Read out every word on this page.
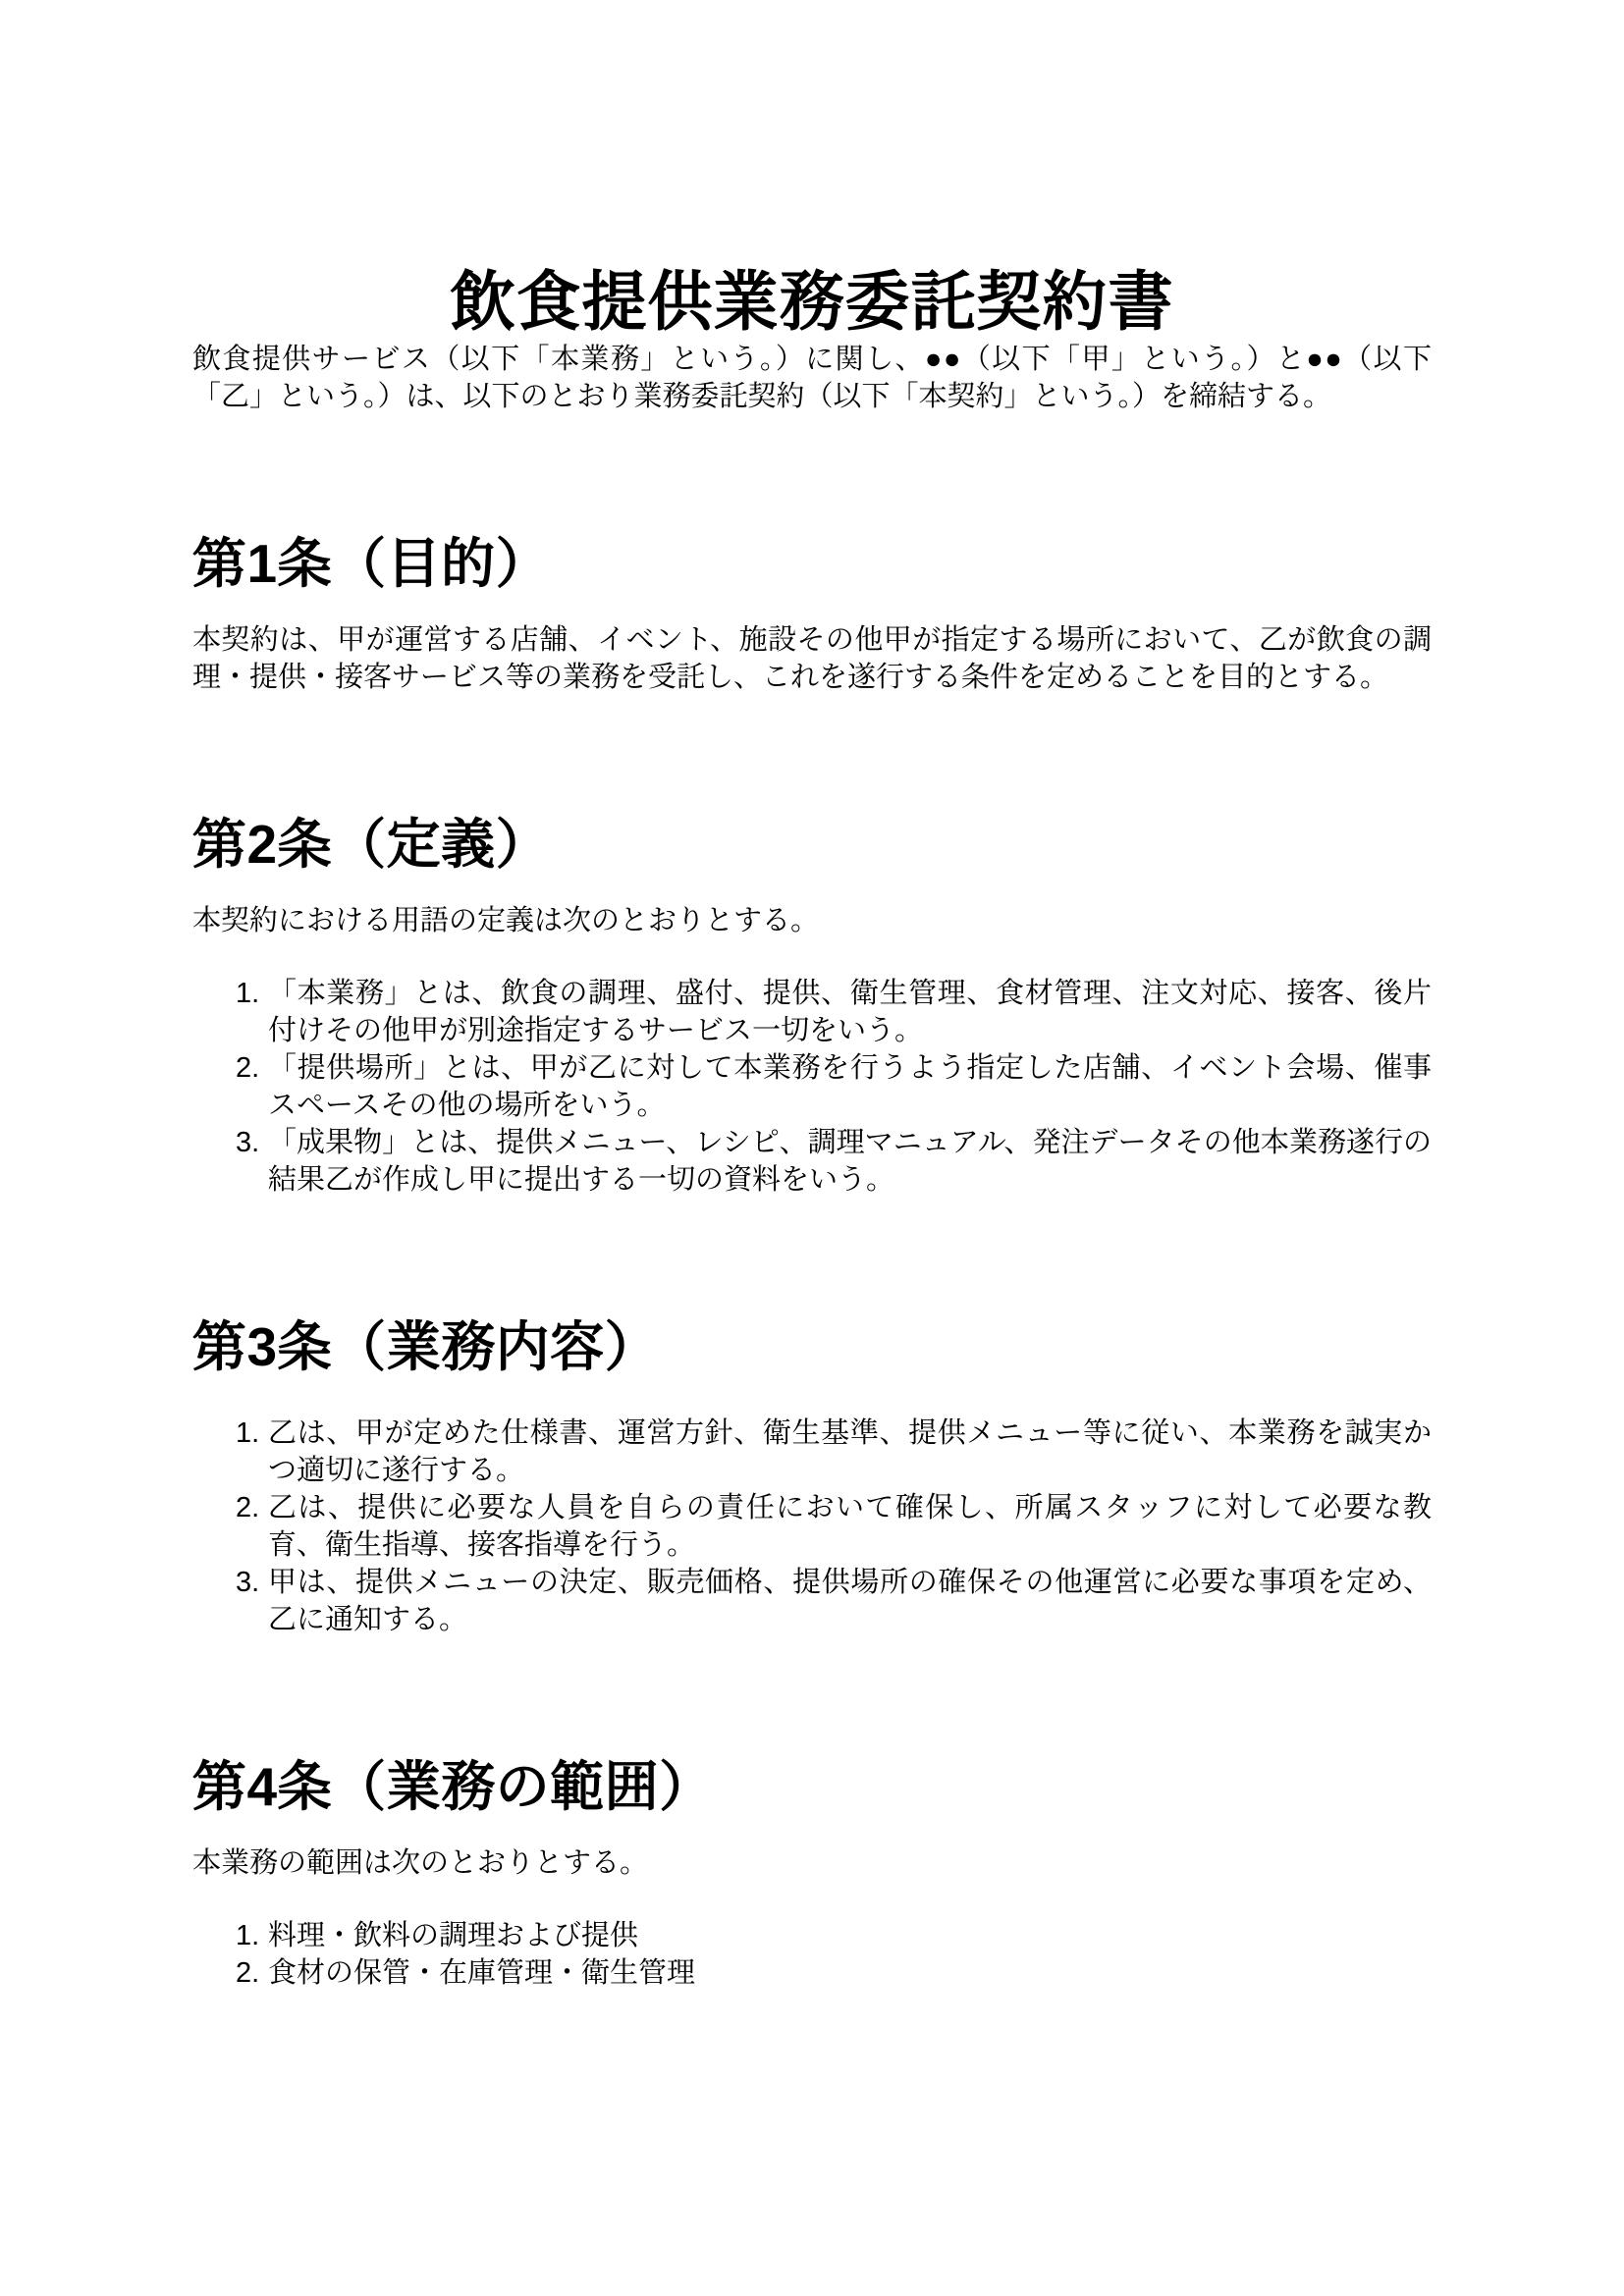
飲食提供業務委託契約書

飲食提供サービス（以下「本業務」という。）に関し、●●（以下「甲」という。）と●●（以下「乙」という。）は、以下のとおり業務委託契約（以下「本契約」という。）を締結する。

第1条（目的）

本契約は、甲が運営する店舗、イベント、施設その他甲が指定する場所において、乙が飲食の調理・提供・接客サービス等の業務を受託し、これを遂行する条件を定めることを目的とする。

第2条（定義）

本契約における用語の定義は次のとおりとする。

「本業務」とは、飲食の調理、盛付、提供、衛生管理、食材管理、注文対応、接客、後片付けその他甲が別途指定するサービス一切をいう。
「提供場所」とは、甲が乙に対して本業務を行うよう指定した店舗、イベント会場、催事スペースその他の場所をいう。
「成果物」とは、提供メニュー、レシピ、調理マニュアル、発注データその他本業務遂行の結果乙が作成し甲に提出する一切の資料をいう。
第3条（業務内容）
乙は、甲が定めた仕様書、運営方針、衛生基準、提供メニュー等に従い、本業務を誠実かつ適切に遂行する。
乙は、提供に必要な人員を自らの責任において確保し、所属スタッフに対して必要な教育、衛生指導、接客指導を行う。
甲は、提供メニューの決定、販売価格、提供場所の確保その他運営に必要な事項を定め、乙に通知する。
第4条（業務の範囲）

本業務の範囲は次のとおりとする。

料理・飲料の調理および提供
食材の保管・在庫管理・衛生管理
